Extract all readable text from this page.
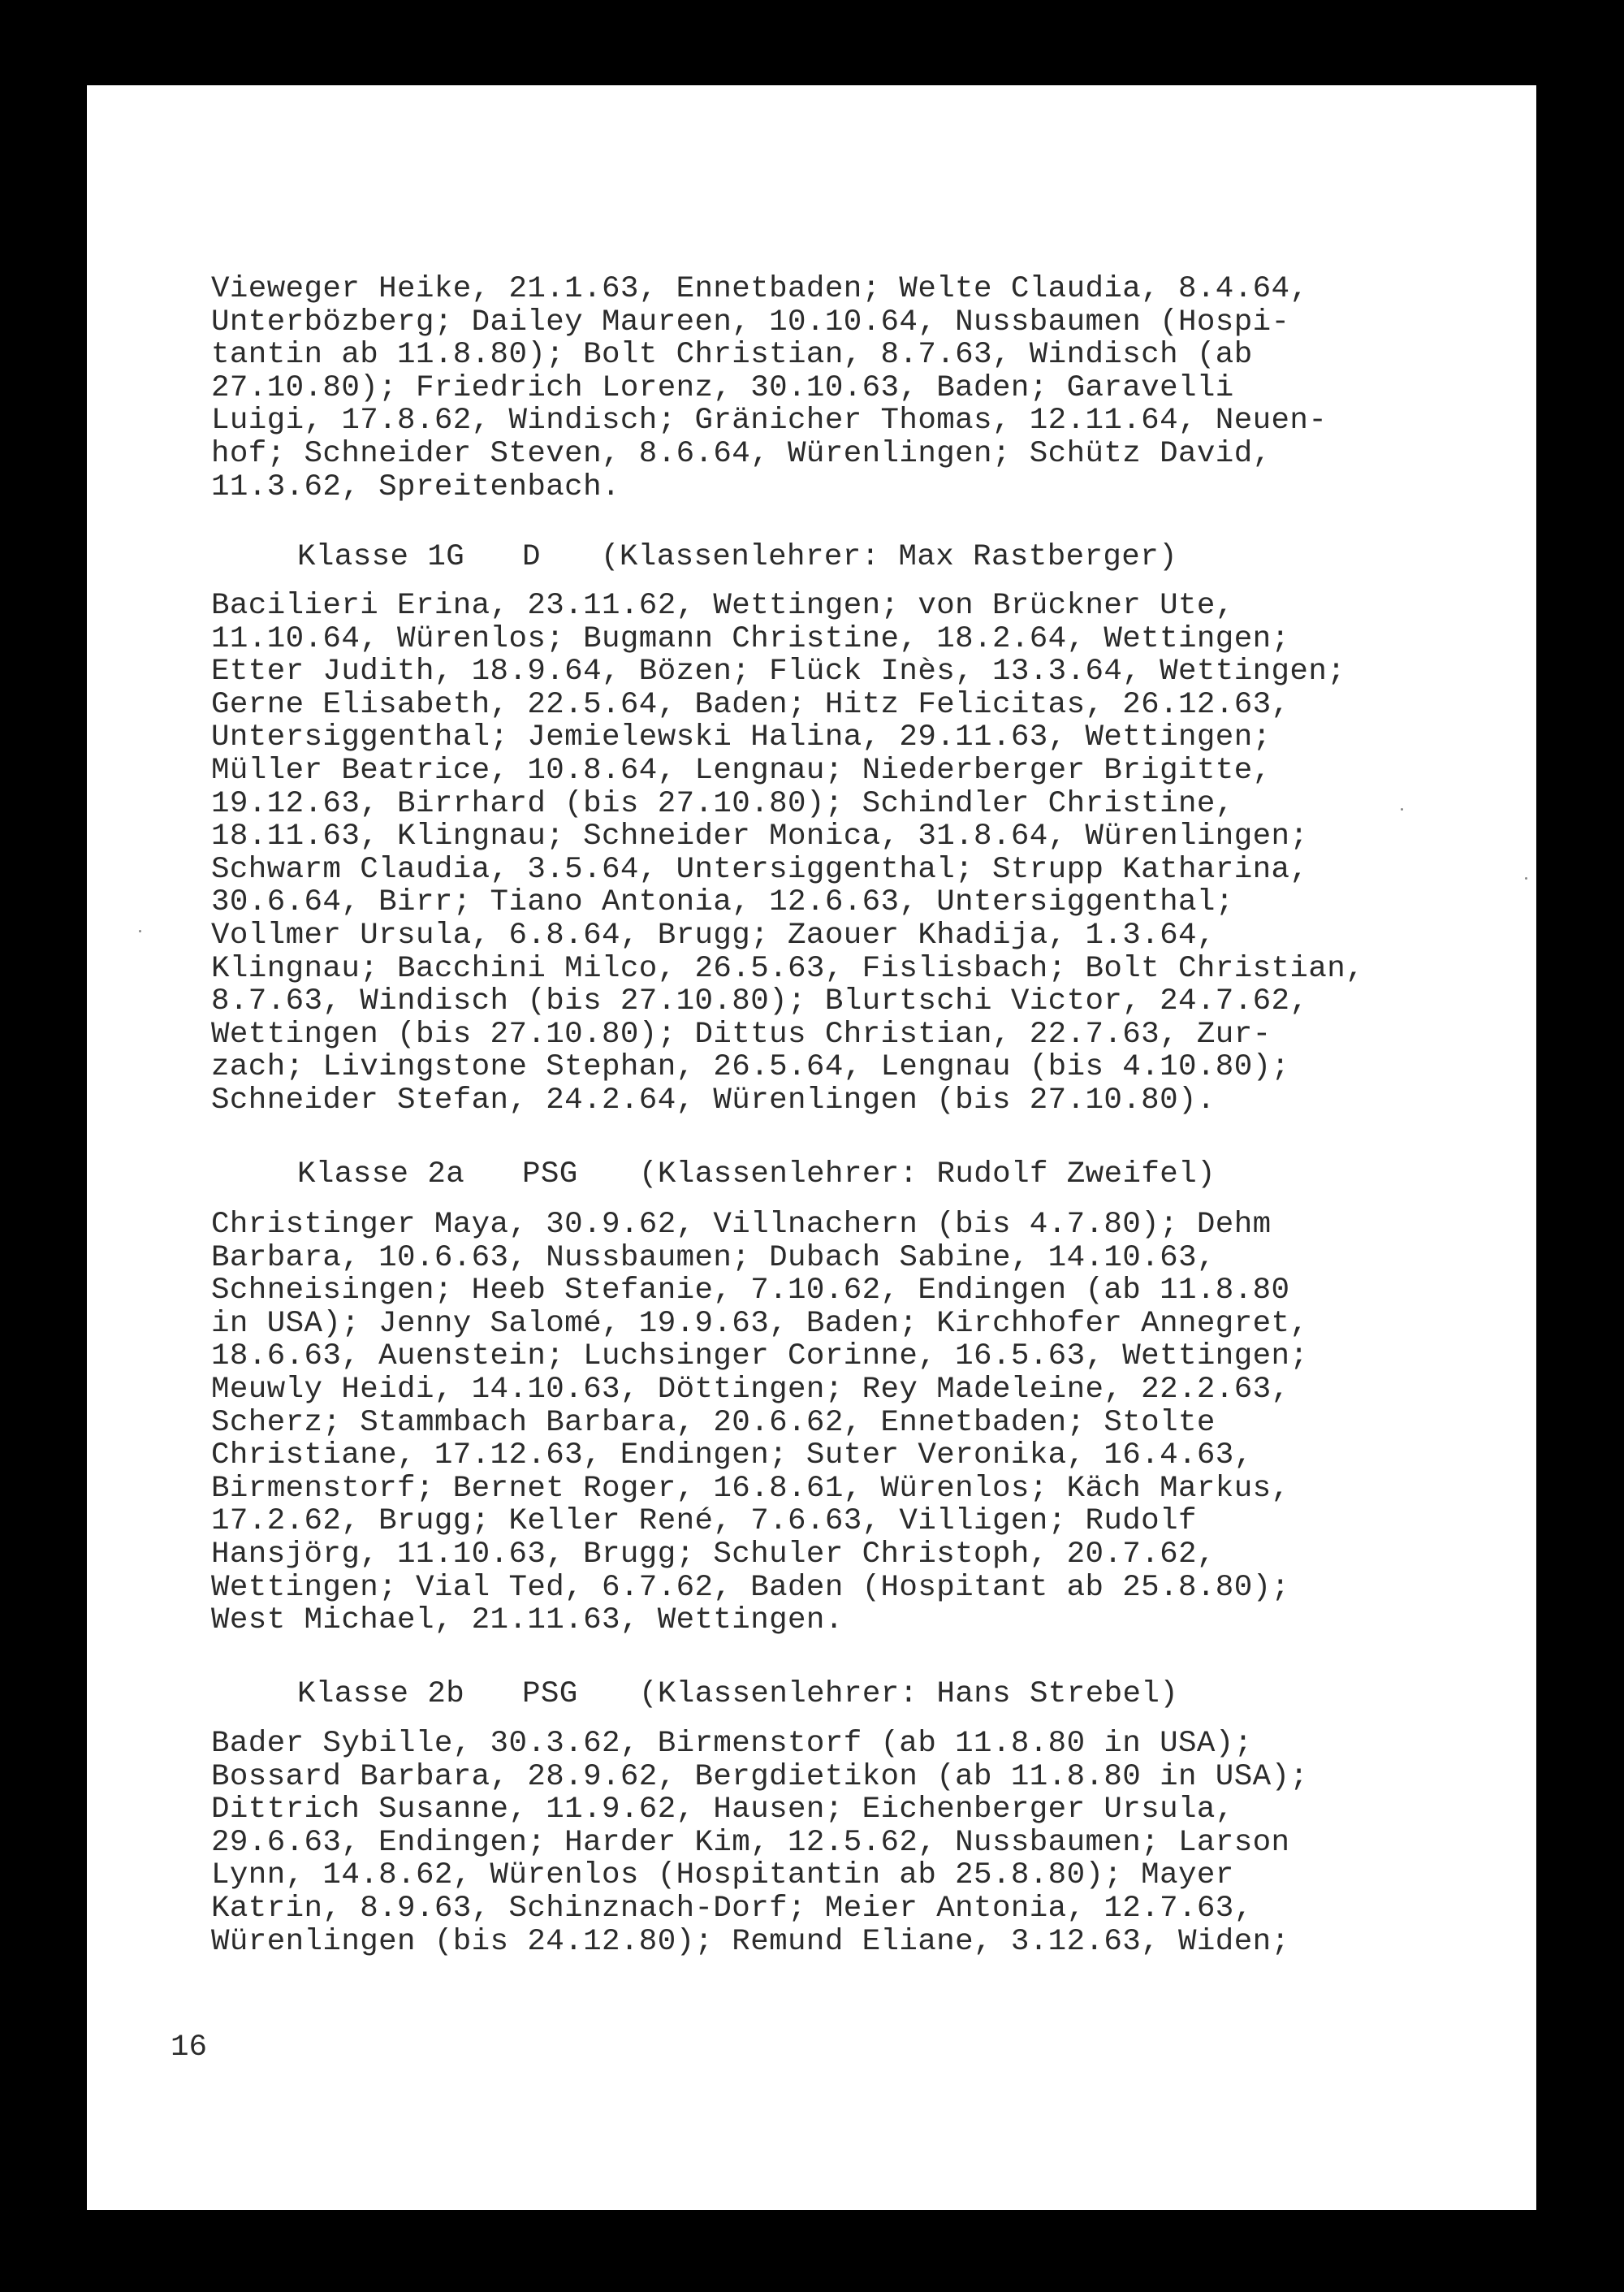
Vieweger Heike, 21.1.63, Ennetbaden; Welte Claudia, 8.4.64,
Unterbözberg; Dailey Maureen, 10.10.64, Nussbaumen (Hospi-
tantin ab 11.8.80); Bolt Christian, 8.7.63, Windisch (ab
27.10.80); Friedrich Lorenz, 30.10.63, Baden; Garavelli
Luigi, 17.8.62, Windisch; Gränicher Thomas, 12.11.64, Neuen-
hof; Schneider Steven, 8.6.64, Würenlingen; Schütz David,
11.3.62, Spreitenbach.
Klasse 1G D (Klassenlehrer: Max Rastberger)
Bacilieri Erina, 23.11.62, Wettingen; von Brückner Ute,
11.10.64, Würenlos; Bugmann Christine, 18.2.64, Wettingen;
Etter Judith, 18.9.64, Bözen; Flück Inès, 13.3.64, Wettingen;
Gerne Elisabeth, 22.5.64, Baden; Hitz Felicitas, 26.12.63,
Untersiggenthal; Jemielewski Halina, 29.11.63, Wettingen;
Müller Beatrice, 10.8.64, Lengnau; Niederberger Brigitte,
19.12.63, Birrhard (bis 27.10.80); Schindler Christine,
18.11.63, Klingnau; Schneider Monica, 31.8.64, Würenlingen;
Schwarm Claudia, 3.5.64, Untersiggenthal; Strupp Katharina,
30.6.64, Birr; Tiano Antonia, 12.6.63, Untersiggenthal;
Vollmer Ursula, 6.8.64, Brugg; Zaouer Khadija, 1.3.64,
Klingnau; Bacchini Milco, 26.5.63, Fislisbach; Bolt Christian,
8.7.63, Windisch (bis 27.10.80); Blurtschi Victor, 24.7.62,
Wettingen (bis 27.10.80); Dittus Christian, 22.7.63, Zur-
zach; Livingstone Stephan, 26.5.64, Lengnau (bis 4.10.80);
Schneider Stefan, 24.2.64, Würenlingen (bis 27.10.80).
Klasse 2a PSG (Klassenlehrer: Rudolf Zweifel)
Christinger Maya, 30.9.62, Villnachern (bis 4.7.80); Dehm
Barbara, 10.6.63, Nussbaumen; Dubach Sabine, 14.10.63,
Schneisingen; Heeb Stefanie, 7.10.62, Endingen (ab 11.8.80
in USA); Jenny Salomé, 19.9.63, Baden; Kirchhofer Annegret,
18.6.63, Auenstein; Luchsinger Corinne, 16.5.63, Wettingen;
Meuwly Heidi, 14.10.63, Döttingen; Rey Madeleine, 22.2.63,
Scherz; Stammbach Barbara, 20.6.62, Ennetbaden; Stolte
Christiane, 17.12.63, Endingen; Suter Veronika, 16.4.63,
Birmenstorf; Bernet Roger, 16.8.61, Würenlos; Käch Markus,
17.2.62, Brugg; Keller René, 7.6.63, Villigen; Rudolf
Hansjörg, 11.10.63, Brugg; Schuler Christoph, 20.7.62,
Wettingen; Vial Ted, 6.7.62, Baden (Hospitant ab 25.8.80);
West Michael, 21.11.63, Wettingen.
Klasse 2b PSG (Klassenlehrer: Hans Strebel)
Bader Sybille, 30.3.62, Birmenstorf (ab 11.8.80 in USA);
Bossard Barbara, 28.9.62, Bergdietikon (ab 11.8.80 in USA);
Dittrich Susanne, 11.9.62, Hausen; Eichenberger Ursula,
29.6.63, Endingen; Harder Kim, 12.5.62, Nussbaumen; Larson
Lynn, 14.8.62, Würenlos (Hospitantin ab 25.8.80); Mayer
Katrin, 8.9.63, Schinznach-Dorf; Meier Antonia, 12.7.63,
Würenlingen (bis 24.12.80); Remund Eliane, 3.12.63, Widen;
16
